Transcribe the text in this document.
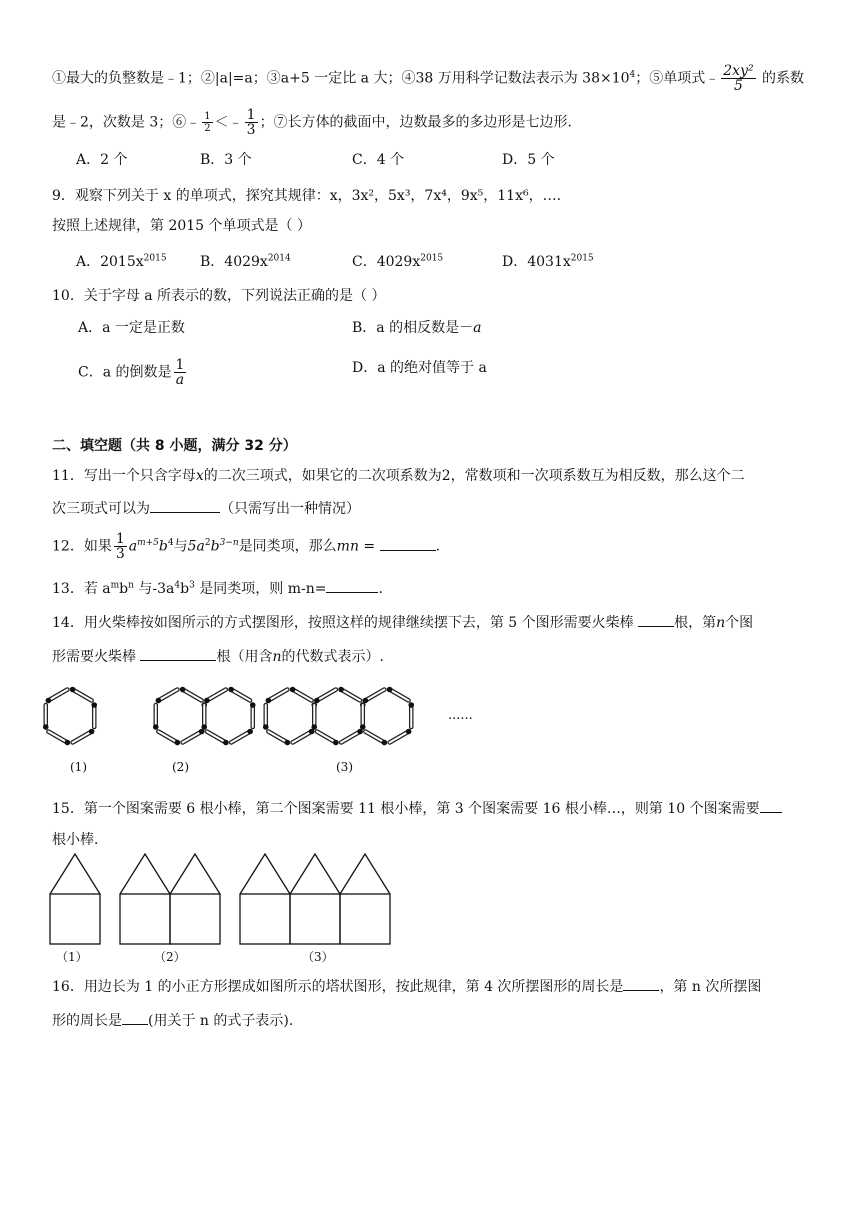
①最大的负整数是﹣1；②|a|=a；③a+5 一定比 a 大；④38 万用科学记数法表示为 $38\times 10^4$；⑤单项式﹣ $\frac{\text{2xy²}}{5}$ 的系数
是﹣2，次数是 3；⑥﹣ $\frac{1}{2}$ ＜﹣ $\frac{1}{3}$ ；⑦长方体的截面中，边数最多的多边形是七边形．
A．2 个	B．3 个	C．4 个	D．5 个
9．观察下列关于 x 的单项式，探究其规律：x，3x²，5x³，7x⁴，9x⁵，11x⁶，….
按照上述规律，第 2015 个单项式是（ ）
A．$2015x^{2015}$ B．$4029x^{2014}$	C．$4029x^{2015}$	D．$4031x^{2015}$
10．关于字母 a 所表示的数，下列说法正确的是（ ）
A．a 一定是正数	B．a 的相反数是－a
C．a 的倒数是 $\frac{1}{a}$	D．a 的绝对值等于 a
二、填空题（共 8 小题，满分 32 分）
11．写出一个只含字母x的二次三项式，如果它的二次项系数为2，常数项和一次项系数互为相反数，那么这个二
次三项式可以为	（只需写出一种情况）
12．如果 $\frac{1}{3} a^{m+5}b^4$与$5a^2b^{3-n}$是同类项，那么mn =	.
13．若 $a^mb^n$ 与$-3a^4b^3$ 是同类项，则 m-n=	.
14．用火柴棒按如图所示的方式摆图形，按照这样的规律继续摆下去，第 5 个图形需要火柴棒	根，第n个图
形需要火柴棒	根（用含n的代数式表示）.
(1)	(2)	(3)
......
15．第一个图案需要 6 根小棒，第二个图案需要 11 根小棒，第 3 个图案需要 16 根小棒…，则第 10 个图案需要
根小棒．
（1）	（2）	（3）
16．用边长为 1 的小正方形摆成如图所示的塔状图形，按此规律，第 4 次所摆图形的周长是	，第 n 次所摆图
形的周长是 (用关于 n 的式子表示).
